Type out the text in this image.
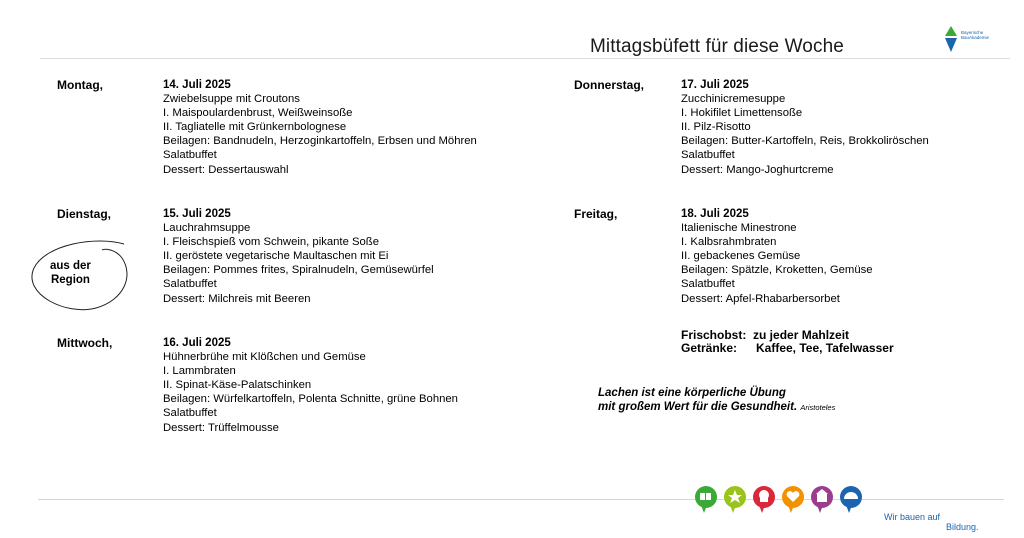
Mittagsbüfett für diese Woche
Bayerische
BauAkademie
Montag,	14. Juli 2025
Zwiebelsuppe mit Croutons
I. Maispoulardenbrust, Weißweinsoße
II. Tagliatelle mit Grünkernbolognese
Beilagen: Bandnudeln, Herzoginkartoffeln, Erbsen und Möhren
Salatbuffet
Dessert: Dessertauswahl
Dienstag,	15. Juli 2025
Lauchrahmsuppe
I. Fleischspieß vom Schwein, pikante Soße
II. geröstete vegetarische Maultaschen mit Ei
Beilagen: Pommes frites, Spiralnudeln, Gemüsewürfel
Salatbuffet
Dessert: Milchreis mit Beeren
aus der
Region
Mittwoch,	16. Juli 2025
Hühnerbrühe mit Klößchen und Gemüse
I. Lammbraten
II. Spinat-Käse-Palatschinken
Beilagen: Würfelkartoffeln, Polenta Schnitte, grüne Bohnen
Salatbuffet
Dessert: Trüffelmousse
Donnerstag,	17. Juli 2025
Zucchinicremesuppe
I. Hokifilet Limettensoße
II. Pilz-Risotto
Beilagen: Butter-Kartoffeln, Reis, Brokkoliröschen
Salatbuffet
Dessert: Mango-Joghurtcreme
Freitag,	18. Juli 2025
Italienische Minestrone
I. Kalbsrahmbraten
II. gebackenes Gemüse
Beilagen: Spätzle, Kroketten, Gemüse
Salatbuffet
Dessert: Apfel-Rhabarbersorbet
Frischobst: zu jeder Mahlzeit
Getränke: Kaffee, Tee, Tafelwasser
Lachen ist eine körperliche Übung
mit großem Wert für die Gesundheit. Aristoteles
Wir bauen auf
Bildung.
